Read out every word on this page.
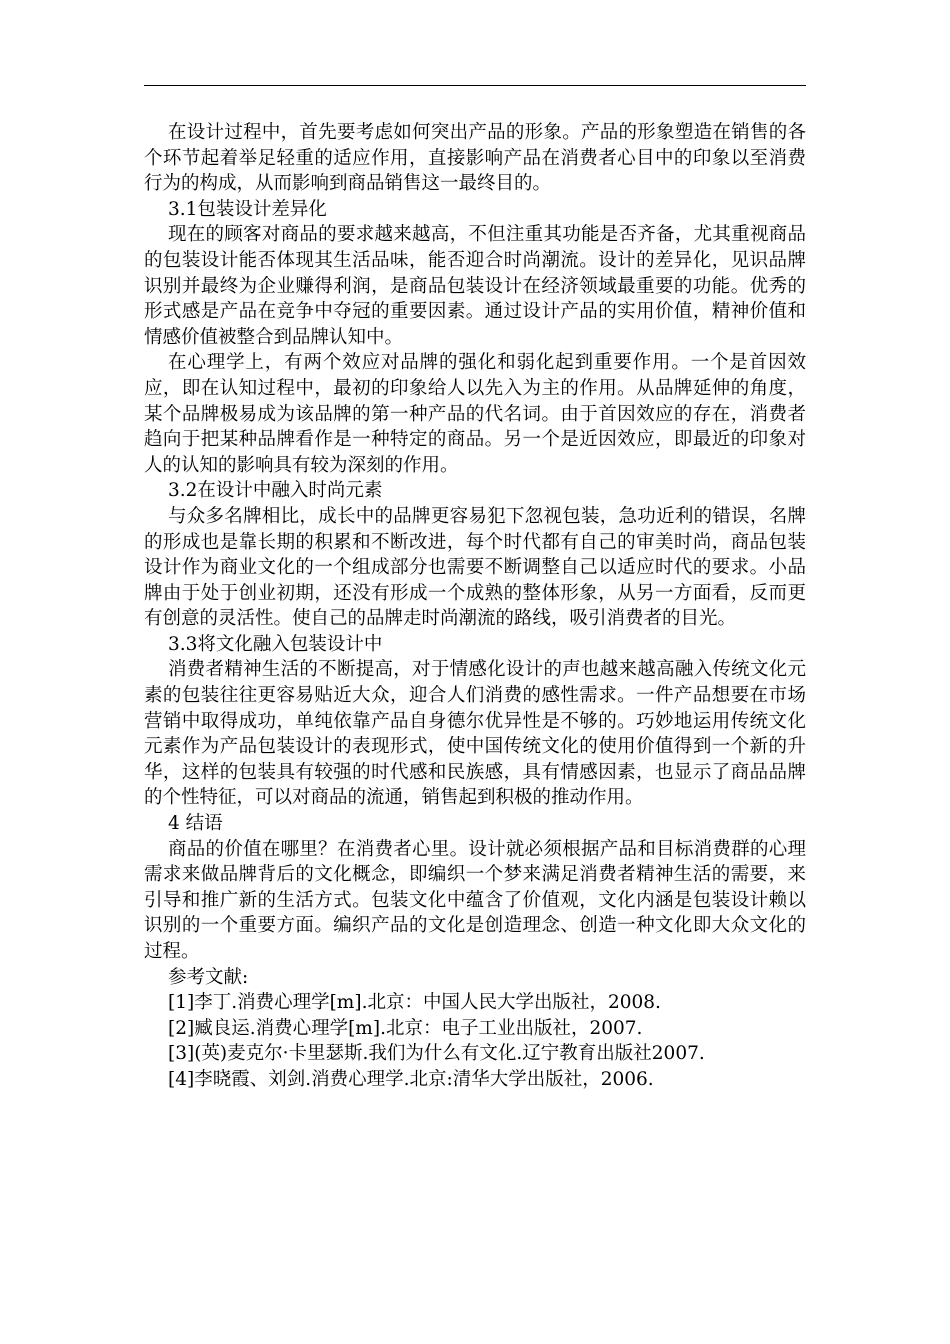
在设计过程中，首先要考虑如何突出产品的形象。产品的形象塑造在销售的各个环节起着举足轻重的适应作用，直接影响产品在消费者心目中的印象以至消费行为的构成，从而影响到商品销售这一最终目的。

3.1包装设计差异化

现在的顾客对商品的要求越来越高，不但注重其功能是否齐备，尤其重视商品的包装设计能否体现其生活品味，能否迎合时尚潮流。设计的差异化，见识品牌识别并最终为企业赚得利润，是商品包装设计在经济领域最重要的功能。优秀的形式感是产品在竞争中夺冠的重要因素。通过设计产品的实用价值，精神价值和情感价值被整合到品牌认知中。

在心理学上，有两个效应对品牌的强化和弱化起到重要作用。一个是首因效应，即在认知过程中，最初的印象给人以先入为主的作用。从品牌延伸的角度，某个品牌极易成为该品牌的第一种产品的代名词。由于首因效应的存在，消费者趋向于把某种品牌看作是一种特定的商品。另一个是近因效应，即最近的印象对人的认知的影响具有较为深刻的作用。

3.2在设计中融入时尚元素

与众多名牌相比，成长中的品牌更容易犯下忽视包装，急功近利的错误，名牌的形成也是靠长期的积累和不断改进，每个时代都有自己的审美时尚，商品包装设计作为商业文化的一个组成部分也需要不断调整自己以适应时代的要求。小品牌由于处于创业初期，还没有形成一个成熟的整体形象，从另一方面看，反而更有创意的灵活性。使自己的品牌走时尚潮流的路线，吸引消费者的目光。

3.3将文化融入包装设计中

消费者精神生活的不断提高，对于情感化设计的声也越来越高融入传统文化元素的包装往往更容易贴近大众，迎合人们消费的感性需求。一件产品想要在市场营销中取得成功，单纯依靠产品自身德尔优异性是不够的。巧妙地运用传统文化元素作为产品包装设计的表现形式，使中国传统文化的使用价值得到一个新的升华，这样的包装具有较强的时代感和民族感，具有情感因素，也显示了商品品牌的个性特征，可以对商品的流通，销售起到积极的推动作用。

4 结语

商品的价值在哪里？在消费者心里。设计就必须根据产品和目标消费群的心理需求来做品牌背后的文化概念，即编织一个梦来满足消费者精神生活的需要，来引导和推广新的生活方式。包装文化中蕴含了价值观，文化内涵是包装设计赖以识别的一个重要方面。编织产品的文化是创造理念、创造一种文化即大众文化的过程。

参考文献:

[1]李丁.消费心理学[m].北京：中国人民大学出版社，2008.

[2]臧良运.消费心理学[m].北京：电子工业出版社，2007.

[3](英)麦克尔·卡里瑟斯.我们为什么有文化.辽宁教育出版社2007.

[4]李晓霞、刘剑.消费心理学.北京:清华大学出版社，2006.
